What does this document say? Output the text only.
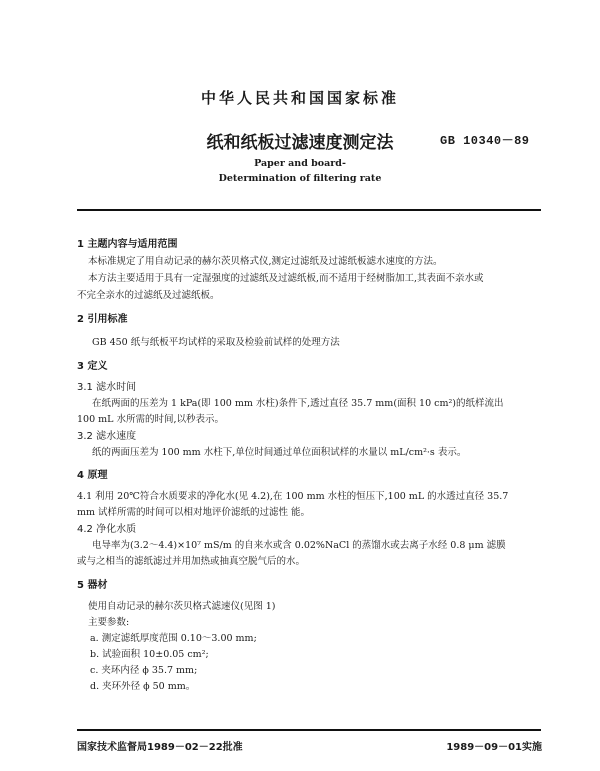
中华人民共和国国家标准
纸和纸板过滤速度测定法	GB 10340－89
Paper and board-
Determination of filtering rate
1 主题内容与适用范围
本标准规定了用自动记录的赫尔茨贝格式仪,测定过滤纸及过滤纸板滤水速度的方法。
本方法主要适用于具有一定湿强度的过滤纸及过滤纸板,而不适用于经树脂加工,其表面不亲水或
不完全亲水的过滤纸及过滤纸板。
2 引用标准
GB 450 纸与纸板平均试样的采取及检验前试样的处理方法
3 定义
3.1 滤水时间
在纸两面的压差为 1 kPa(即 100 mm 水柱)条件下,透过直径 35.7 mm(面积 10 cm²)的纸样流出
100 mL 水所需的时间,以秒表示。
3.2 滤水速度
纸的两面压差为 100 mm 水柱下,单位时间通过单位面积试样的水量以 mL/cm²·s 表示。
4 原理
4.1 利用 20℃符合水质要求的净化水(见 4.2),在 100 mm 水柱的恒压下,100 mL 的水透过直径 35.7
mm 试样所需的时间可以相对地评价滤纸的过滤性 能。
4.2 净化水质
电导率为(3.2～4.4)×10⁷ mS/m 的自来水或含 0.02%NaCl 的蒸馏水或去离子水经 0.8 μm 滤膜
或与之相当的滤纸滤过并用加热或抽真空脱气后的水。
5 器材
使用自动记录的赫尔茨贝格式滤速仪(见图 1)
主要参数:
a. 测定滤纸厚度范围 0.10～3.00 mm;
b. 试验面积 10±0.05 cm²;
c. 夹环内径 ϕ 35.7 mm;
d. 夹环外径 ϕ 50 mm。
国家技术监督局1989－02－22批准	1989－09－01实施
